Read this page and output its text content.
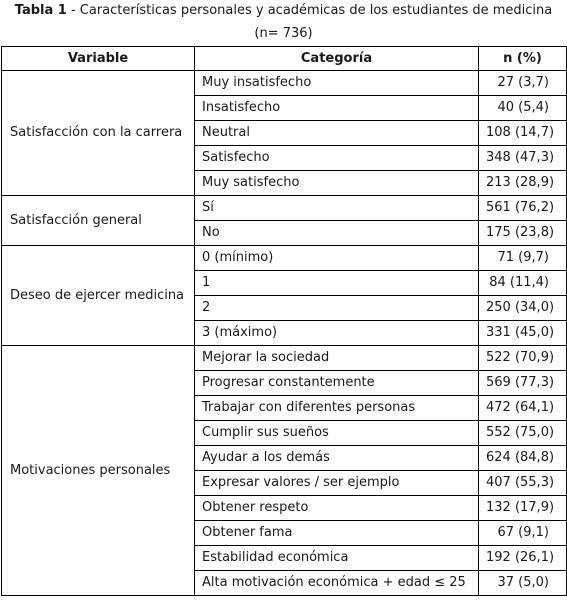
Tabla 1 - Características personales y académicas de los estudiantes de medicina
(n= 736)
Variable	Categoría	n (%)
Satisfacción con la carrera	Muy insatisfecho	27 (3,7)
	Insatisfecho	40 (5,4)
	Neutral	108 (14,7)
	Satisfecho	348 (47,3)
	Muy satisfecho	213 (28,9)
Satisfacción general	Sí	561 (76,2)
	No	175 (23,8)
Deseo de ejercer medicina	0 (mínimo)	71 (9,7)
	1	84 (11,4)
	2	250 (34,0)
	3 (máximo)	331 (45,0)
Motivaciones personales	Mejorar la sociedad	522 (70,9)
	Progresar constantemente	569 (77,3)
	Trabajar con diferentes personas	472 (64,1)
	Cumplir sus sueños	552 (75,0)
	Ayudar a los demás	624 (84,8)
	Expresar valores / ser ejemplo	407 (55,3)
	Obtener respeto	132 (17,9)
	Obtener fama	67 (9,1)
	Estabilidad económica	192 (26,1)
	Alta motivación económica + edad ≤ 25	37 (5,0)
